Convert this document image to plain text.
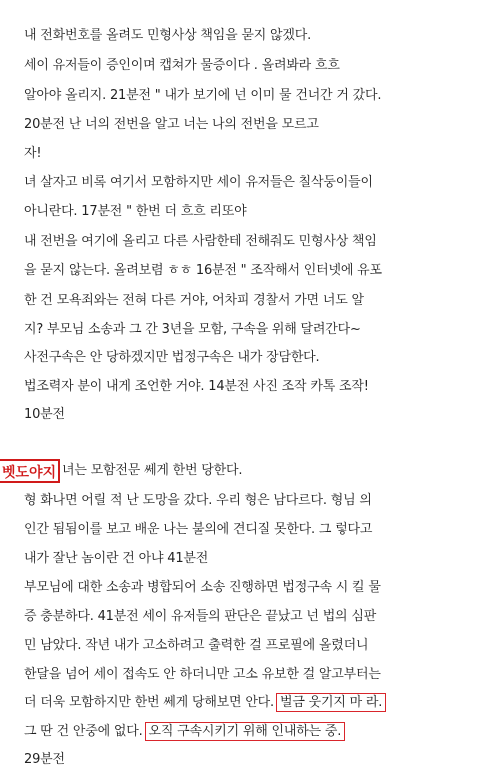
내 전화번호를 올려도 민형사상 책임을 묻지 않겠다.
세이 유저들이 증인이며 캡쳐가 물증이다 . 올려봐라 흐흐
알아야 올리지. 21분전 " 내가 보기에 넌 이미 물 건너간 거 갔다.
20분전 난 너의 전번을 알고 너는 나의 전번을 모르고
자!
녀 살자고 비록 여기서 모함하지만 세이 유저들은 칠삭둥이들이
아니란다. 17분전 " 한번 더 흐흐 리또야
내 전번을 여기에 올리고 다른 사람한테 전해줘도 민형사상 책임
을 묻지 않는다. 올려보렴 ㅎㅎ 16분전 " 조작해서 인터넷에 유포
한 건 모욕죄와는 전혀 다른 거야, 어차피 경찰서 가면 너도 알
지? 부모님 소송과 그 간 3년을 모함, 구속을 위해 달려간다~
사전구속은 안 당하겠지만 법정구속은 내가 장담한다.
법조력자 분이 내게 조언한 거야. 14분전 사진 조작 카톡 조작!
10분전
벳도야지 녀는 모함전문 쎄게 한번 당한다.
형 화나면 어릴 적 난 도망을 갔다. 우리 형은 남다르다. 형님 의
인간 됨됨이를 보고 배운 나는 불의에 견디질 못한다. 그 렇다고
내가 잘난 놈이란 건 아냐 41분전
부모님에 대한 소송과 병합되어 소송 진행하면 법정구속 시 킬 물
증 충분하다. 41분전 세이 유저들의 판단은 끝났고 넌 법의 심판
민 남았다. 작년 내가 고소하려고 출력한 걸 프로필에 올렸더니
한달을 넘어 세이 접속도 안 하더니만 고소 유보한 걸 알고부터는
더 더욱 모함하지만 한번 쎄게 당해보면 안다. 벌금 웃기지 마 라.
그 딴 건 안중에 없다. 오직 구속시키기 위해 인내하는 중.
29분전
